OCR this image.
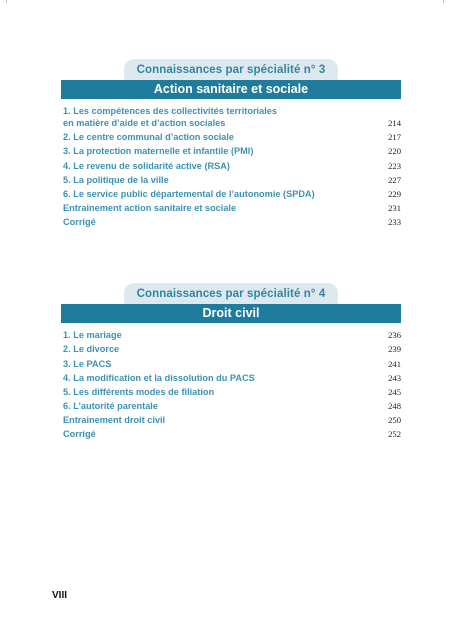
Connaissances par spécialité n° 3
Action sanitaire et sociale
1. Les compétences des collectivités territoriales
en matière d’aide et d’action sociales	214
2. Le centre communal d’action sociale	217
3. La protection maternelle et infantile (PMI)	220
4. Le revenu de solidarité active (RSA)	223
5. La politique de la ville	227
6. Le service public départemental de l’autonomie (SPDA)	229
Entrainement action sanitaire et sociale	231
Corrigé	233
Connaissances par spécialité n° 4
Droit civil
1. Le mariage	236
2. Le divorce	239
3. Le PACS	241
4. La modification et la dissolution du PACS	243
5. Les différents modes de filiation	245
6. L’autorité parentale	248
Entrainement droit civil	250
Corrigé	252
VIII
